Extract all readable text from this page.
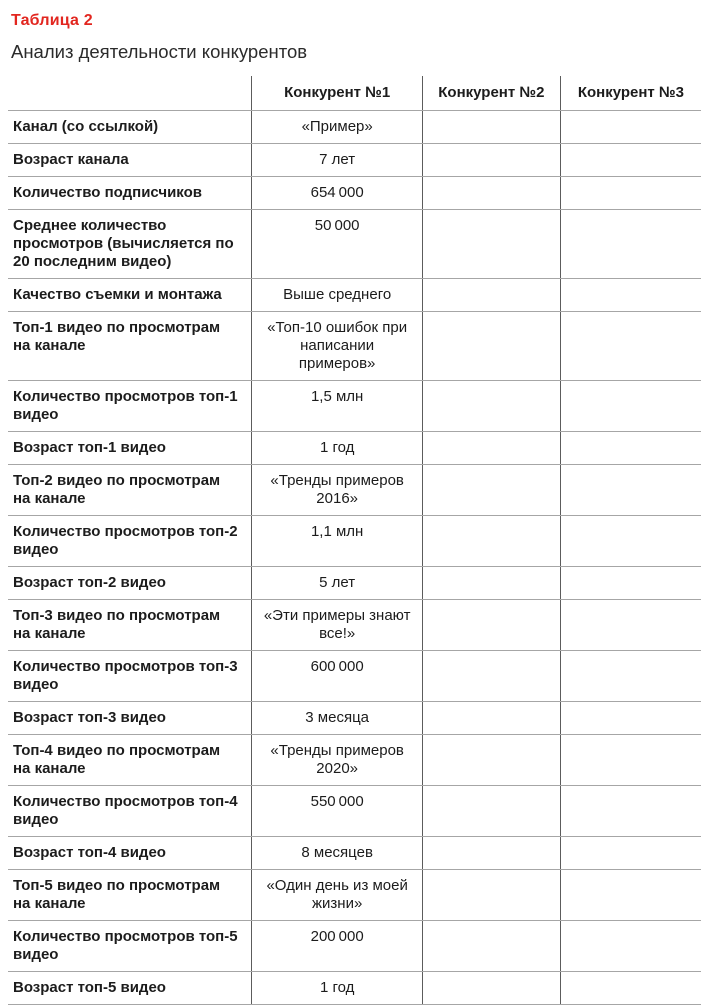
Таблица 2
Анализ деятельности конкурентов
	Конкурент №1	Конкурент №2	Конкурент №3
Канал (со ссылкой)	«Пример»		
Возраст канала	7 лет		
Количество подписчиков	654 000		
Среднее количество просмотров (вычисляется по 20 последним видео)	50 000		
Качество съемки и монтажа	Выше среднего		
Топ-1 видео по просмотрам на канале	«Топ-10 ошибок при написании примеров»		
Количество просмотров топ-1 видео	1,5 млн		
Возраст топ-1 видео	1 год		
Топ-2 видео по просмотрам на канале	«Тренды примеров 2016»		
Количество просмотров топ-2 видео	1,1 млн		
Возраст топ-2 видео	5 лет		
Топ-3 видео по просмотрам на канале	«Эти примеры знают все!»		
Количество просмотров топ-3 видео	600 000		
Возраст топ-3 видео	3 месяца		
Топ-4 видео по просмотрам на канале	«Тренды примеров 2020»		
Количество просмотров топ-4 видео	550 000		
Возраст топ-4 видео	8 месяцев		
Топ-5 видео по просмотрам на канале	«Один день из моей жизни»		
Количество просмотров топ-5 видео	200 000		
Возраст топ-5 видео	1 год		
